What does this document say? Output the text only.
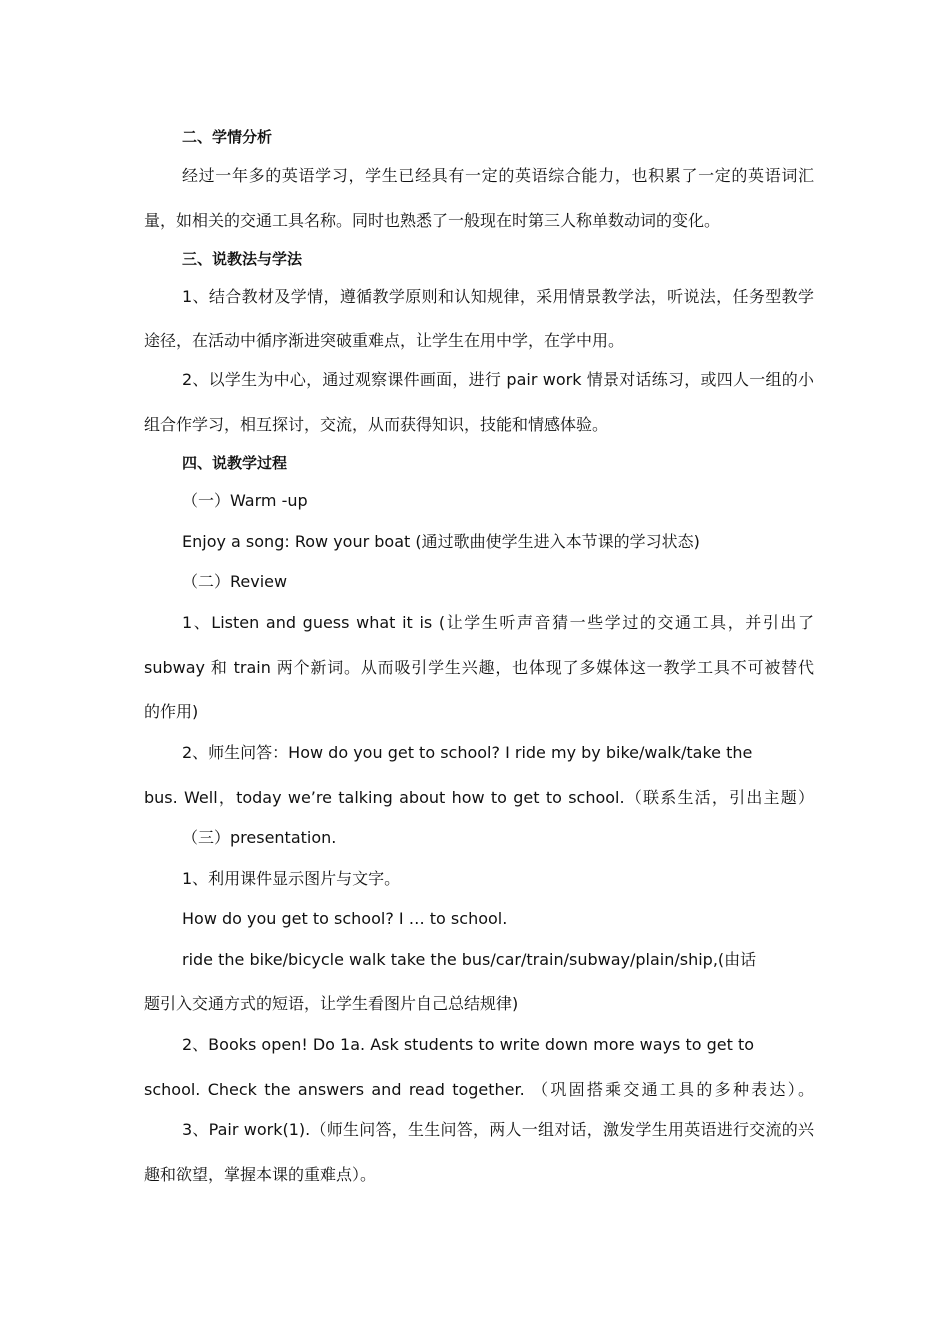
二、学情分析
经过一年多的英语学习，学生已经具有一定的英语综合能力，也积累了一定的英语词汇
量，如相关的交通工具名称。同时也熟悉了一般现在时第三人称单数动词的变化。
三、说教法与学法
1、结合教材及学情，遵循教学原则和认知规律，采用情景教学法，听说法，任务型教学
途径，在活动中循序渐进突破重难点，让学生在用中学，在学中用。
2、以学生为中心，通过观察课件画面，进行 pair work 情景对话练习，或四人一组的小
组合作学习，相互探讨，交流，从而获得知识，技能和情感体验。
四、说教学过程
（一）Warm -up
Enjoy a song: Row your boat (通过歌曲使学生进入本节课的学习状态)
（二）Review
1、Listen and guess what it is (让学生听声音猜一些学过的交通工具，并引出了
subway 和 train 两个新词。从而吸引学生兴趣，也体现了多媒体这一教学工具不可被替代
的作用)
2、师生问答：How do you get to school? I ride my by bike/walk/take the
bus. Well，today we’re talking about how to get to school.（联系生活，引出主题）
（三）presentation.
1、利用课件显示图片与文字。
How do you get to school? I … to school.
ride the bike/bicycle walk take the bus/car/train/subway/plain/ship,(由话
题引入交通方式的短语，让学生看图片自己总结规律)
2、Books open! Do 1a. Ask students to write down more ways to get to
school. Check the answers and read together. （巩固搭乘交通工具的多种表达）。
3、Pair work(1).（师生问答，生生问答，两人一组对话，激发学生用英语进行交流的兴
趣和欲望，掌握本课的重难点）。
